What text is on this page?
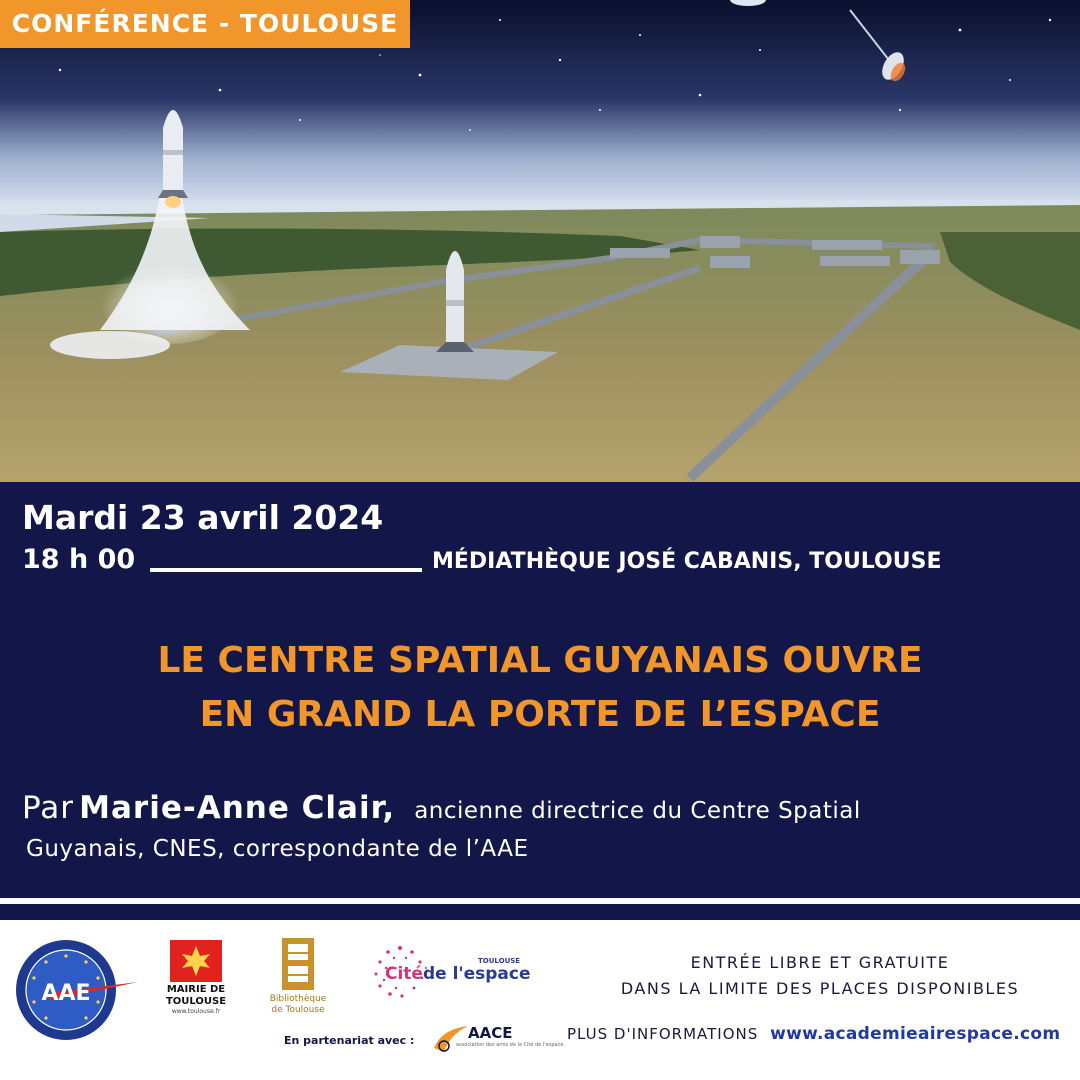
CONFÉRENCE - TOULOUSE
Mardi 23 avril 2024
18 h 00	MÉDIATHÈQUE JOSÉ CABANIS, TOULOUSE
LE CENTRE SPATIAL GUYANAIS OUVRE
EN GRAND LA PORTE DE L’ESPACE
Par Marie-Anne Clair, ancienne directrice du Centre Spatial
Guyanais, CNES, correspondante de l’AAE
AAE	MAIRIE DE
TOULOUSE
www.toulouse.fr
Bibliothèque
de Toulouse
TOULOUSE
Citéde l'espace
En partenariat avec :	AACE
association des amis de la Cité de l'espace
ENTRÉE LIBRE ET GRATUITE
DANS LA LIMITE DES PLACES DISPONIBLES
PLUS D'INFORMATIONS www.academieairespace.com
